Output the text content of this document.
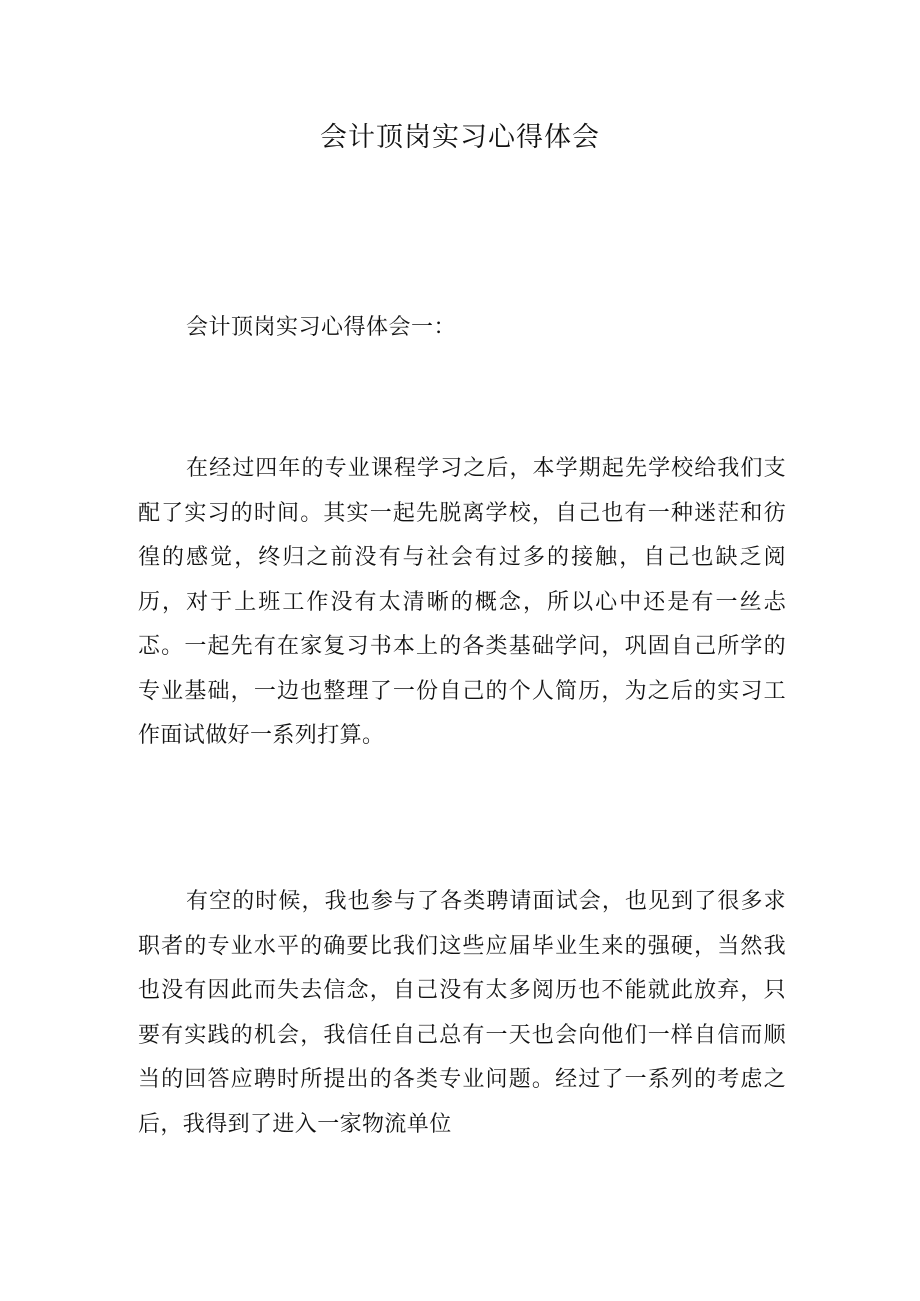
会计顶岗实习心得体会

会计顶岗实习心得体会一：

在经过四年的专业课程学习之后，本学期起先学校给我们支配了实习的时间。其实一起先脱离学校，自己也有一种迷茫和彷徨的感觉，终归之前没有与社会有过多的接触，自己也缺乏阅历，对于上班工作没有太清晰的概念，所以心中还是有一丝忐忑。一起先有在家复习书本上的各类基础学问，巩固自己所学的专业基础，一边也整理了一份自己的个人简历，为之后的实习工作面试做好一系列打算。

有空的时候，我也参与了各类聘请面试会，也见到了很多求职者的专业水平的确要比我们这些应届毕业生来的强硬，当然我也没有因此而失去信念，自己没有太多阅历也不能就此放弃，只要有实践的机会，我信任自己总有一天也会向他们一样自信而顺当的回答应聘时所提出的各类专业问题。经过了一系列的考虑之后，我得到了进入一家物流单位
